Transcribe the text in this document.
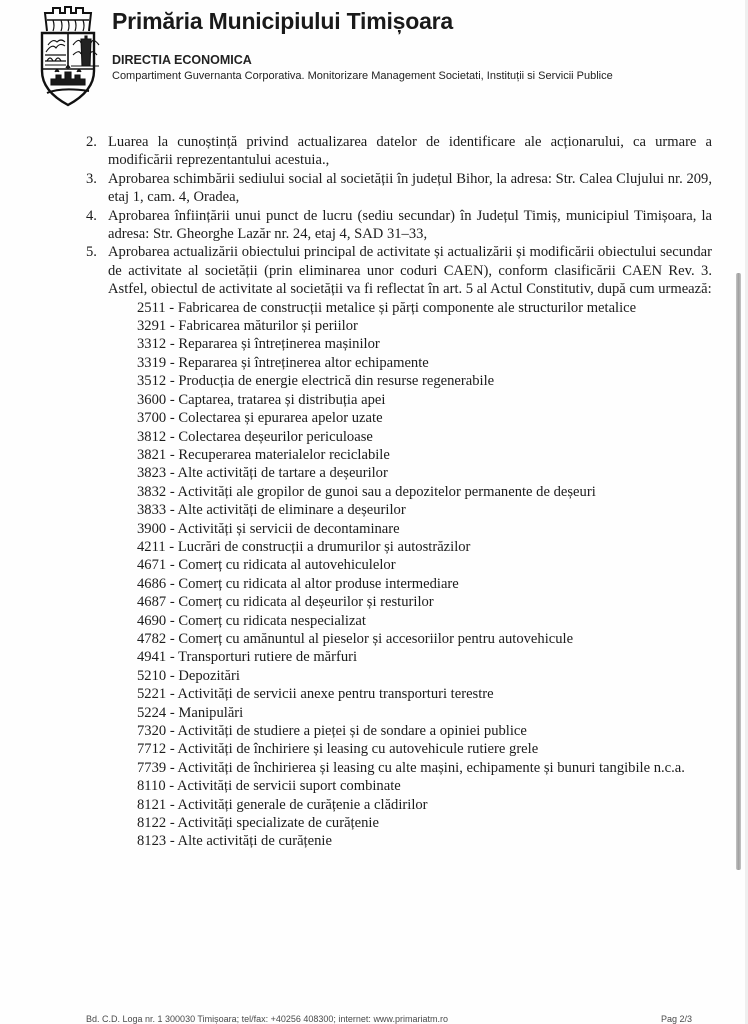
Primăria Municipiului Timișoara
DIRECTIA ECONOMICA
Compartiment Guvernanta Corporativa. Monitorizare Management Societati, Instituții si Servicii Publice
2. Luarea la cunoștință privind actualizarea datelor de identificare ale acționarului, ca urmare a modificării reprezentantului acestuia.,
3. Aprobarea schimbării sediului social al societății în județul Bihor, la adresa: Str. Calea Clujului nr. 209, etaj 1, cam. 4, Oradea,
4. Aprobarea înființării unui punct de lucru (sediu secundar) în Județul Timiș, municipiul Timișoara, la adresa: Str. Gheorghe Lazăr nr. 24, etaj 4, SAD 31–33,
5. Aprobarea actualizării obiectului principal de activitate și actualizării și modificării obiectului secundar de activitate al societății (prin eliminarea unor coduri CAEN), conform clasificării CAEN Rev. 3. Astfel, obiectul de activitate al societății va fi reflectat în art. 5 al Actul Constitutiv, după cum urmează:
2511 - Fabricarea de construcții metalice și părți componente ale structurilor metalice
3291 - Fabricarea măturilor și periilor
3312 - Repararea și întreținerea mașinilor
3319 - Repararea și întreținerea altor echipamente
3512 - Producția de energie electrică din resurse regenerabile
3600 - Captarea, tratarea și distribuția apei
3700 - Colectarea și epurarea apelor uzate
3812 - Colectarea deșeurilor periculoase
3821 - Recuperarea materialelor reciclabile
3823 - Alte activități de tartare a deșeurilor
3832 - Activități ale gropilor de gunoi sau a depozitelor permanente de deșeuri
3833 - Alte activități de eliminare a deșeurilor
3900 - Activități și servicii de decontaminare
4211 - Lucrări de construcții a drumurilor și autostrăzilor
4671 - Comerț cu ridicata al autovehiculelor
4686 - Comerț cu ridicata al altor produse intermediare
4687 - Comerț cu ridicata al deșeurilor și resturilor
4690 - Comerț cu ridicata nespecializat
4782 - Comerț cu amănuntul al pieselor și accesoriilor pentru autovehicule
4941 - Transporturi rutiere de mărfuri
5210 - Depozitări
5221 - Activități de servicii anexe pentru transporturi terestre
5224 - Manipulări
7320 - Activități de studiere a pieței și de sondare a opiniei publice
7712 - Activități de închiriere și leasing cu autovehicule rutiere grele
7739 - Activități de închirierea și leasing cu alte mașini, echipamente și bunuri tangibile n.c.a.
8110 - Activități de servicii suport combinate
8121 - Activități generale de curățenie a clădirilor
8122 - Activități specializate de curățenie
8123 - Alte activități de curățenie
Bd. C.D. Loga nr. 1 300030 Timișoara; tel/fax: +40256 408300; internet: www.primariatm.ro	Pag 2/3
